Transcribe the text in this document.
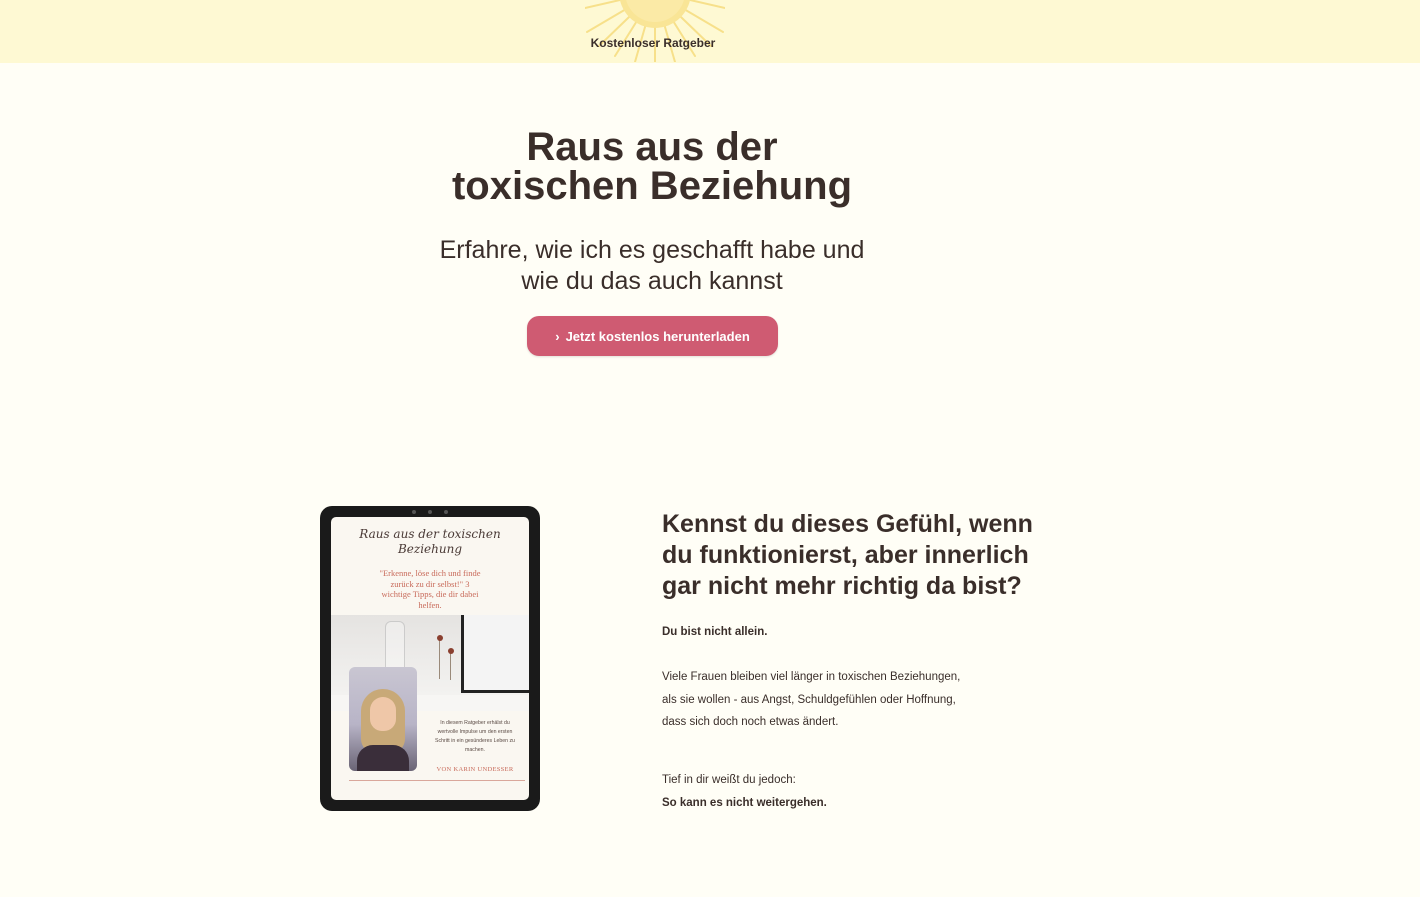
Kostenloser Ratgeber
Raus aus der
toxischen Beziehung

Erfahre, wie ich es geschafft habe und
wie du das auch kannst

› Jetzt kostenlos herunterladen
Raus aus der toxischen
Beziehung
"Erkenne, löse dich und finde
zurück zu dir selbst!" 3
wichtige Tipps, die dir dabei
helfen.
In diesem Ratgeber erhälst du
wertvolle Impulse um den ersten
Schritt in ein gesünderes Leben zu
machen.
VON KARIN UNDESSER
Kennst du dieses Gefühl, wenn
du funktionierst, aber innerlich
gar nicht mehr richtig da bist?

Du bist nicht allein.

Viele Frauen bleiben viel länger in toxischen Beziehungen,
als sie wollen - aus Angst, Schuldgefühlen oder Hoffnung,
dass sich doch noch etwas ändert.

Tief in dir weißt du jedoch:

So kann es nicht weitergehen.
